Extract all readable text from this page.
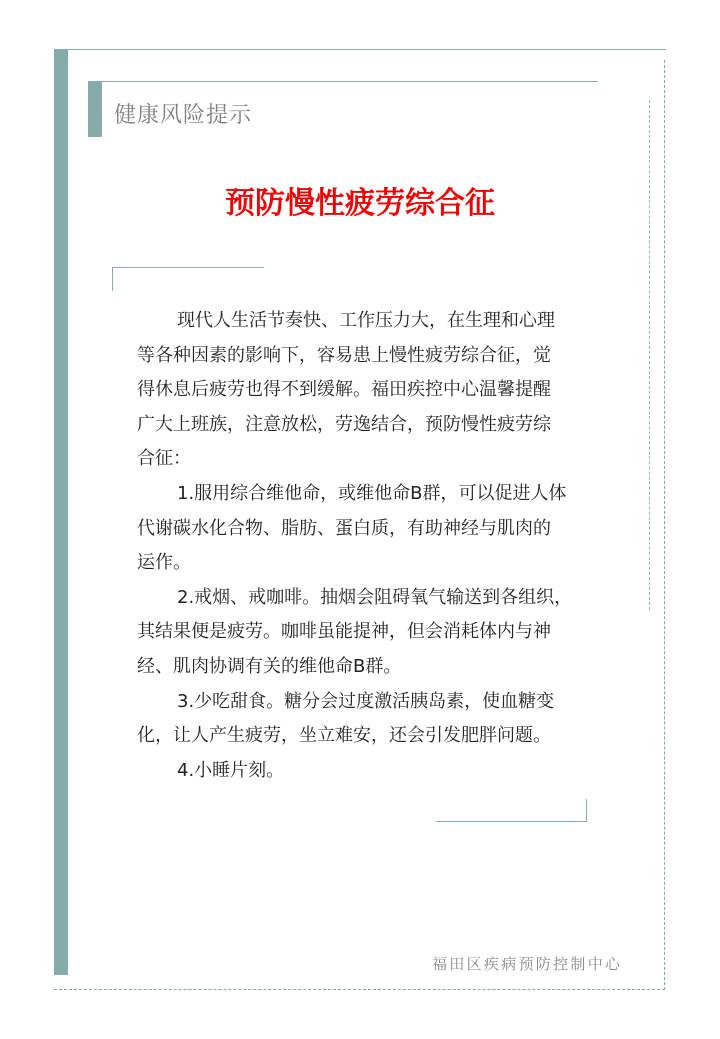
健康风险提示
预防慢性疲劳综合征
现代人生活节奏快、工作压力大，在生理和心理
等各种因素的影响下，容易患上慢性疲劳综合征，觉
得休息后疲劳也得不到缓解。福田疾控中心温馨提醒
广大上班族，注意放松，劳逸结合，预防慢性疲劳综
合征：
1.服用综合维他命，或维他命B群，可以促进人体
代谢碳水化合物、脂肪、蛋白质，有助神经与肌肉的
运作。
2.戒烟、戒咖啡。抽烟会阻碍氧气输送到各组织，
其结果便是疲劳。咖啡虽能提神，但会消耗体内与神
经、肌肉协调有关的维他命B群。
3.少吃甜食。糖分会过度激活胰岛素，使血糖变
化，让人产生疲劳，坐立难安，还会引发肥胖问题。
4.小睡片刻。
福田区疾病预防控制中心
